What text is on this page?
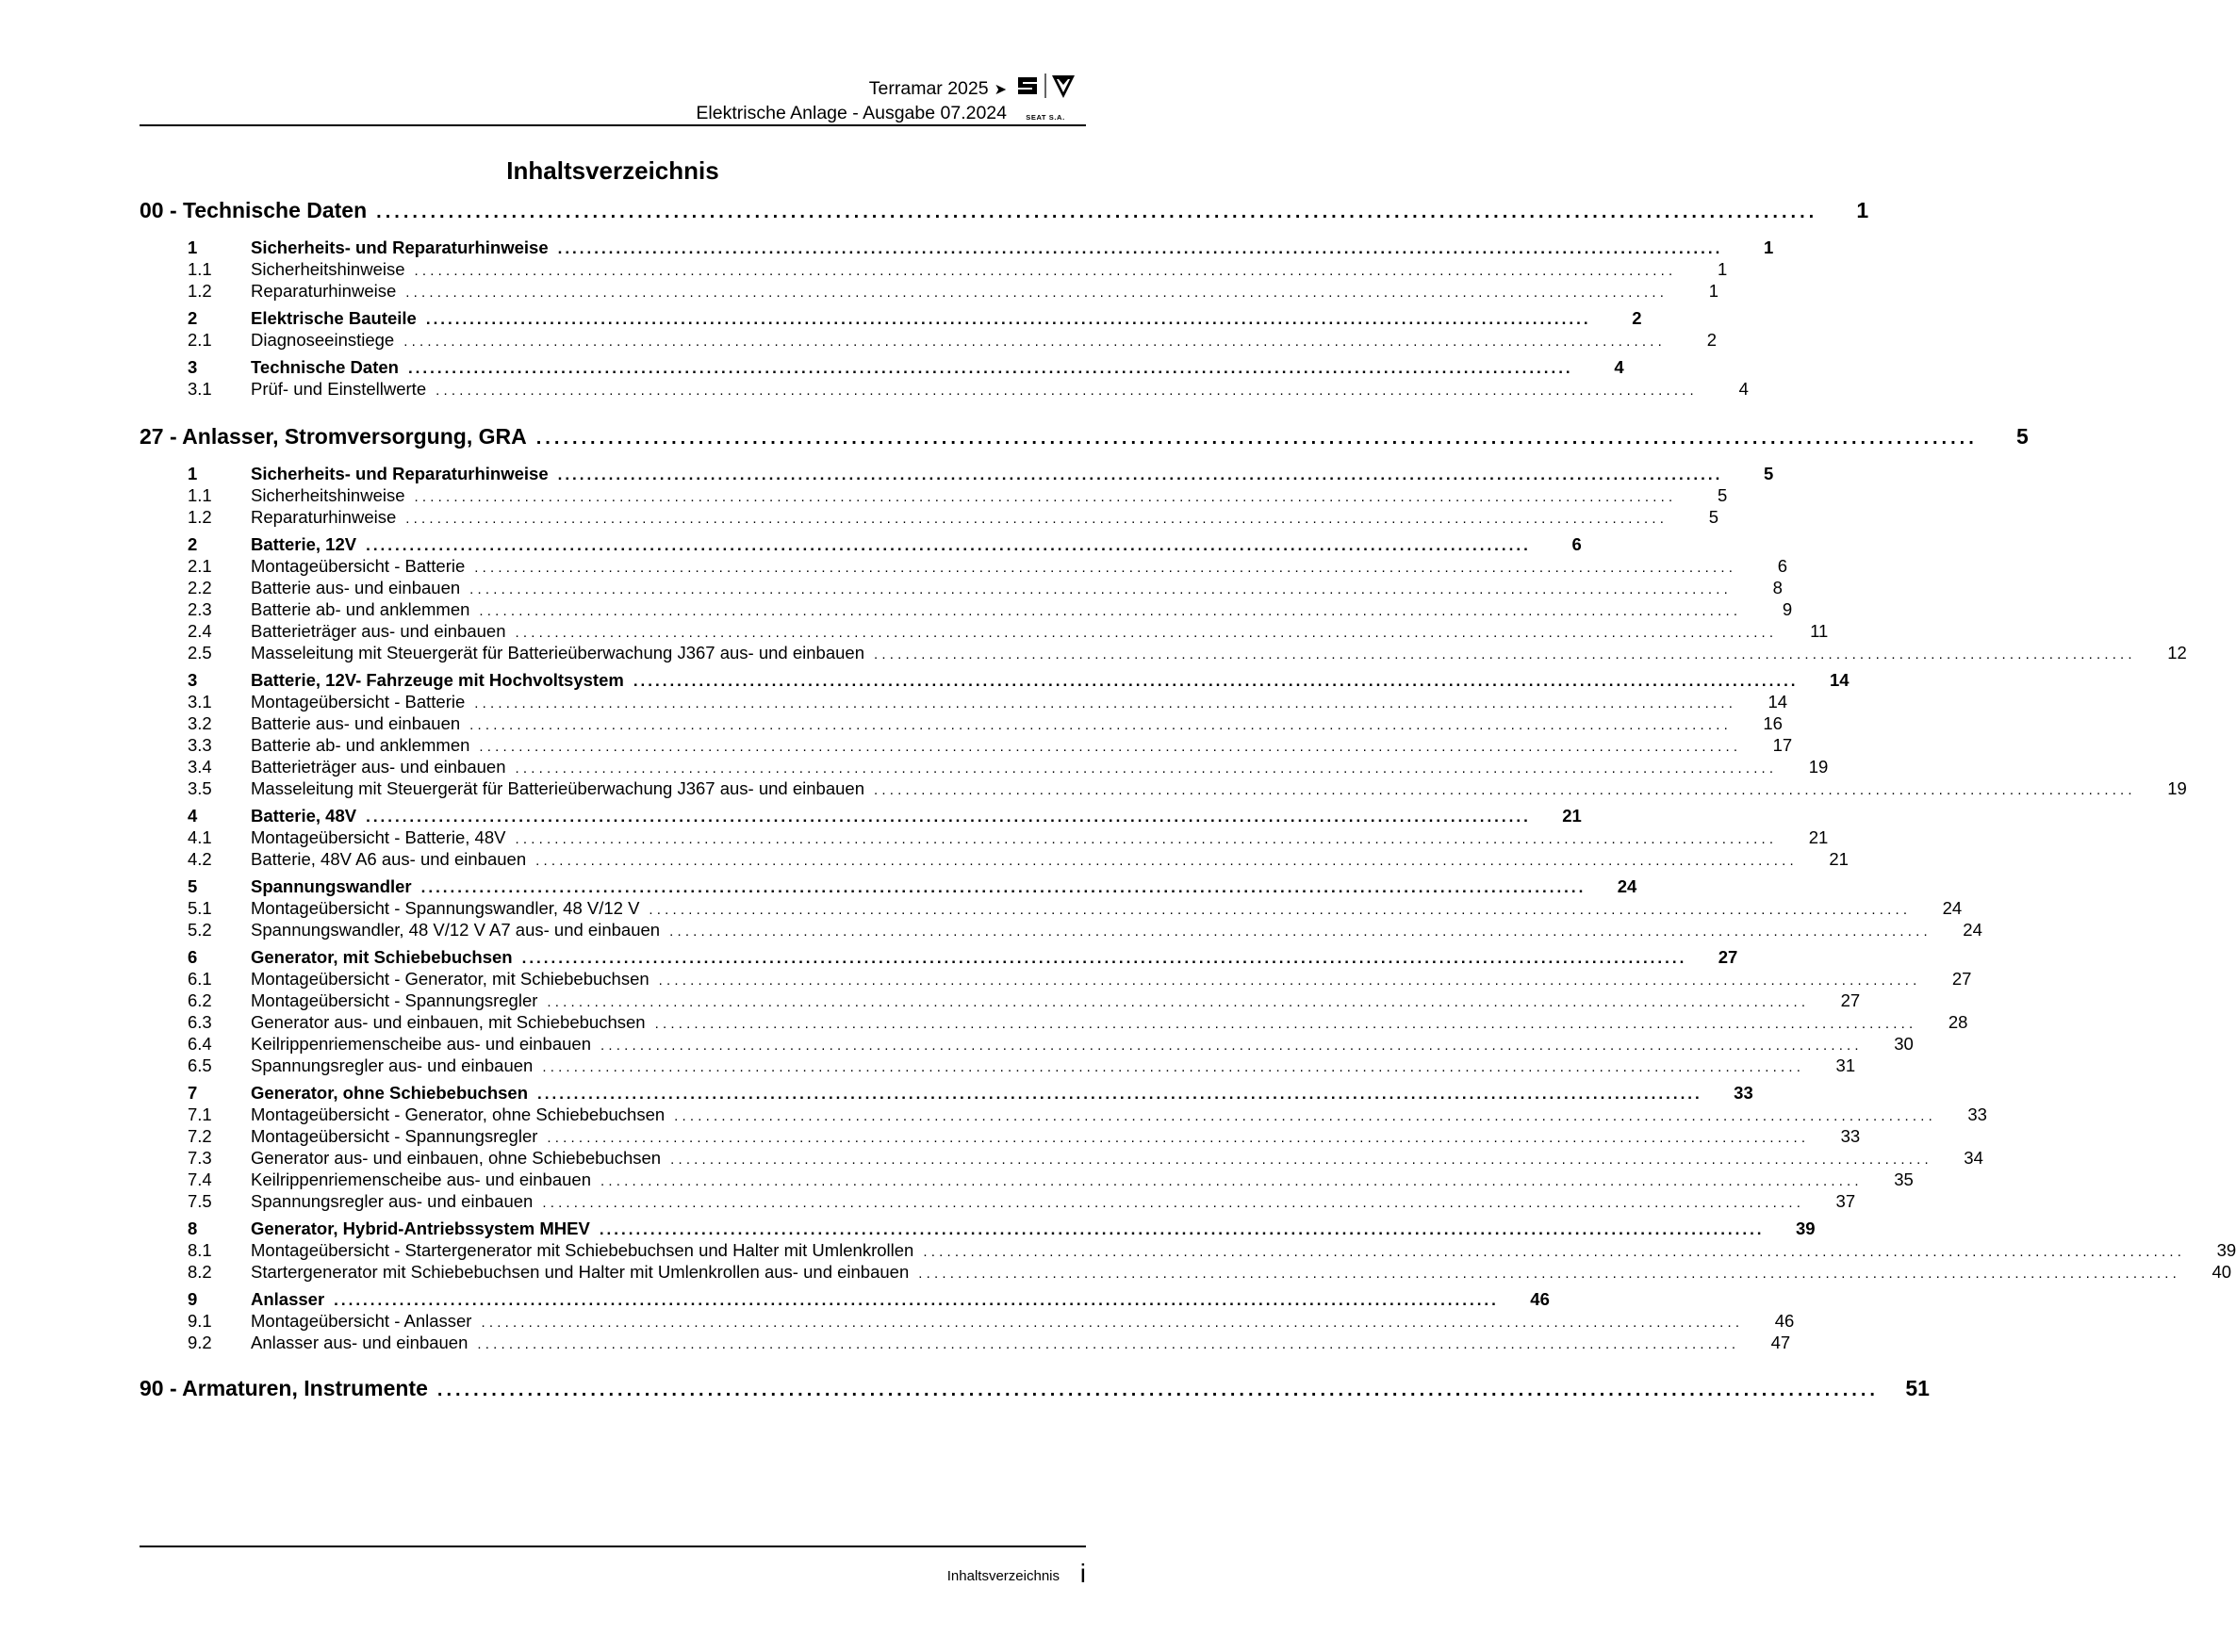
Terramar 2025 ➤
Elektrische Anlage - Ausgabe 07.2024	SEAT S.A.
Inhaltsverzeichnis
00 - Technische Daten ................................................................................................................................................................	1
1	Sicherheits- und Reparaturhinweise ................................................................................................................................................................	1
1.1	Sicherheitshinweise ................................................................................................................................................................	1
1.2	Reparaturhinweise ................................................................................................................................................................	1
2	Elektrische Bauteile ................................................................................................................................................................	2
2.1	Diagnoseeinstiege ................................................................................................................................................................	2
3	Technische Daten ................................................................................................................................................................	4
3.1	Prüf- und Einstellwerte ................................................................................................................................................................	4
27 - Anlasser, Stromversorgung, GRA ................................................................................................................................................................	5
1	Sicherheits- und Reparaturhinweise ................................................................................................................................................................	5
1.1	Sicherheitshinweise ................................................................................................................................................................	5
1.2	Reparaturhinweise ................................................................................................................................................................	5
2	Batterie, 12V ................................................................................................................................................................	6
2.1	Montageübersicht - Batterie ................................................................................................................................................................	6
2.2	Batterie aus- und einbauen ................................................................................................................................................................	8
2.3	Batterie ab- und anklemmen ................................................................................................................................................................	9
2.4	Batterieträger aus- und einbauen ................................................................................................................................................................	11
2.5	Masseleitung mit Steuergerät für Batterieüberwachung J367 aus- und einbauen ................................................................................................................................................................	12
3	Batterie, 12V- Fahrzeuge mit Hochvoltsystem ................................................................................................................................................................	14
3.1	Montageübersicht - Batterie ................................................................................................................................................................	14
3.2	Batterie aus- und einbauen ................................................................................................................................................................	16
3.3	Batterie ab- und anklemmen ................................................................................................................................................................	17
3.4	Batterieträger aus- und einbauen ................................................................................................................................................................	19
3.5	Masseleitung mit Steuergerät für Batterieüberwachung J367 aus- und einbauen ................................................................................................................................................................	19
4	Batterie, 48V ................................................................................................................................................................	21
4.1	Montageübersicht - Batterie, 48V ................................................................................................................................................................	21
4.2	Batterie, 48V A6 aus- und einbauen ................................................................................................................................................................	21
5	Spannungswandler ................................................................................................................................................................	24
5.1	Montageübersicht - Spannungswandler, 48 V/12 V ................................................................................................................................................................	24
5.2	Spannungswandler, 48 V/12 V A7 aus- und einbauen ................................................................................................................................................................	24
6	Generator, mit Schiebebuchsen ................................................................................................................................................................	27
6.1	Montageübersicht - Generator, mit Schiebebuchsen ................................................................................................................................................................	27
6.2	Montageübersicht - Spannungsregler ................................................................................................................................................................	27
6.3	Generator aus- und einbauen, mit Schiebebuchsen ................................................................................................................................................................	28
6.4	Keilrippenriemenscheibe aus- und einbauen ................................................................................................................................................................	30
6.5	Spannungsregler aus- und einbauen ................................................................................................................................................................	31
7	Generator, ohne Schiebebuchsen ................................................................................................................................................................	33
7.1	Montageübersicht - Generator, ohne Schiebebuchsen ................................................................................................................................................................	33
7.2	Montageübersicht - Spannungsregler ................................................................................................................................................................	33
7.3	Generator aus- und einbauen, ohne Schiebebuchsen ................................................................................................................................................................	34
7.4	Keilrippenriemenscheibe aus- und einbauen ................................................................................................................................................................	35
7.5	Spannungsregler aus- und einbauen ................................................................................................................................................................	37
8	Generator, Hybrid-Antriebssystem MHEV ................................................................................................................................................................	39
8.1	Montageübersicht - Startergenerator mit Schiebebuchsen und Halter mit Umlenkrollen ................................................................................................................................................................	39
8.2	Startergenerator mit Schiebebuchsen und Halter mit Umlenkrollen aus- und einbauen ................................................................................................................................................................	40
9	Anlasser ................................................................................................................................................................	46
9.1	Montageübersicht - Anlasser ................................................................................................................................................................	46
9.2	Anlasser aus- und einbauen ................................................................................................................................................................	47
90 - Armaturen, Instrumente ................................................................................................................................................................	51
Inhaltsverzeichnis i
